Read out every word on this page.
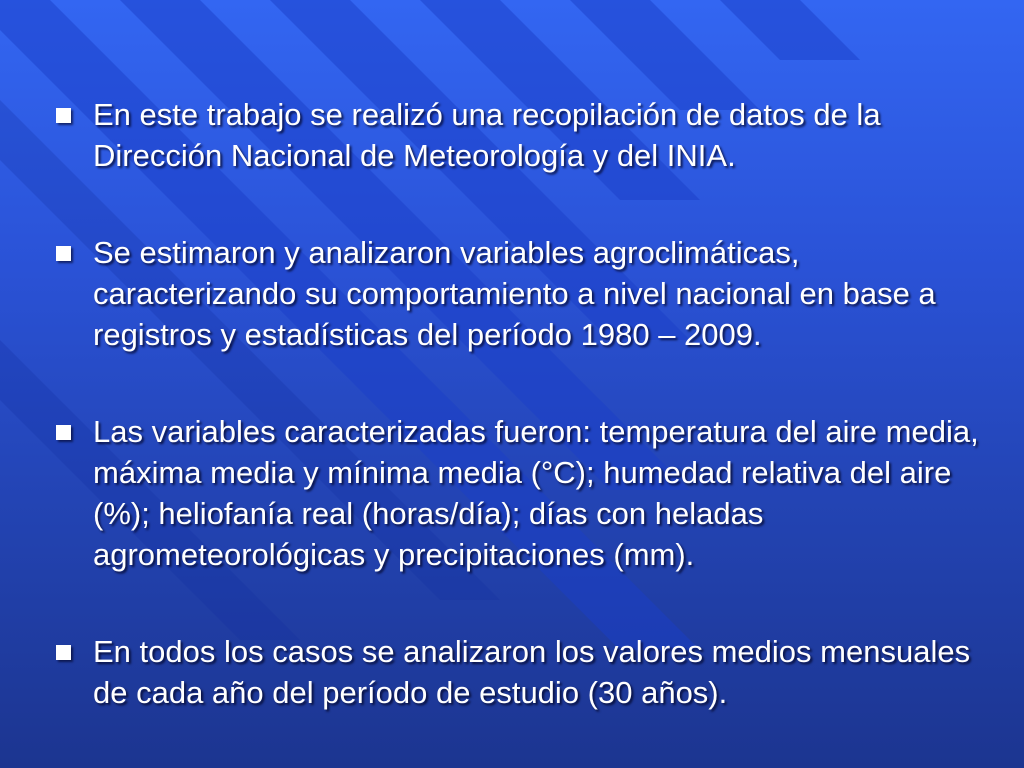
En este trabajo se realizó una recopilación de datos de la Dirección Nacional de Meteorología y del INIA.
Se estimaron y analizaron variables agroclimáticas, caracterizando su comportamiento a nivel nacional en base a registros y estadísticas del período 1980 – 2009.
Las variables caracterizadas fueron: temperatura del aire media, máxima media y mínima media (°C); humedad relativa del aire (%); heliofanía real (horas/día); días con heladas agrometeorológicas y precipitaciones (mm).
En todos los casos se analizaron los valores medios mensuales de cada año del período de estudio (30 años).
